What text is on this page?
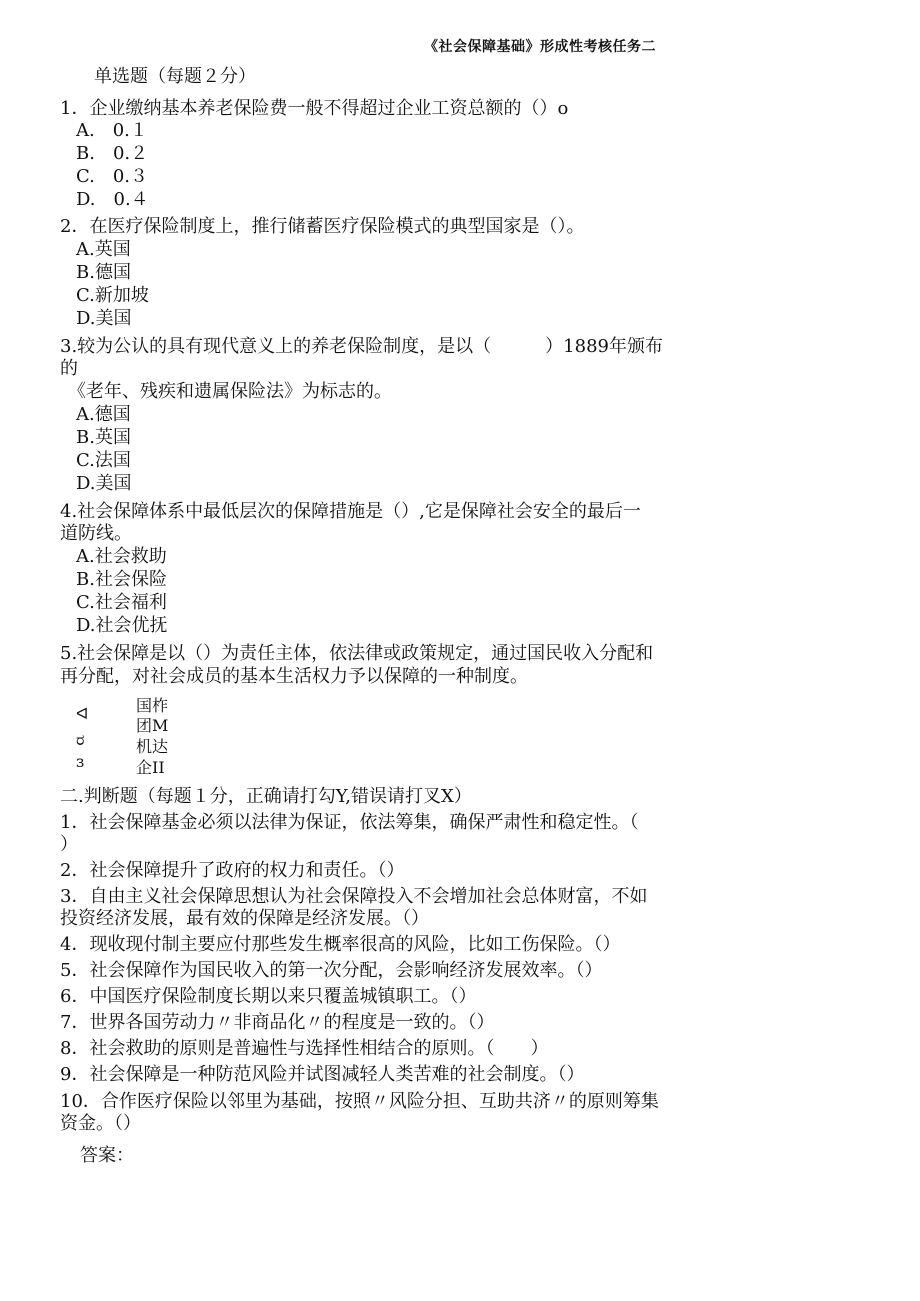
《社会保障基础》形成性考核任务二
单选题（每题２分）
1．企业缴纳基本养老保险费一般不得超过企业工资总额的（）o
A.　0.１
B.　0.２
C.　0.３
D.　0.４
2．在医疗保险制度上，推行储蓄医疗保险模式的典型国家是（）。
A.英国
B.德国
C.新加坡
D.美国
3.较为公认的具有现代意义上的养老保险制度，是以（　　　）1889年颁布
的
《老年、残疾和遗属保险法》为标志的。
A.德国
B.英国
C.法国
D.美国
4.社会保障体系中最低层次的保障措施是（）,它是保障社会安全的最后一
道防线。
A.社会救助
B.社会保险
C.社会福利
D.社会优抚
5.社会保障是以（）为责任主体，依法律或政策规定，通过国民收入分配和
再分配，对社会成员的基本生活权力予以保障的一种制度。
ᐊ
ರ
ɜ
国柞
团M
机达
企II
二.判断题（每题１分，正确请打勾Y,错误请打叉X）
1．社会保障基金必须以法律为保证，依法筹集，确保严肃性和稳定性。（
）
2．社会保障提升了政府的权力和责任。（）
3．自由主义社会保障思想认为社会保障投入不会增加社会总体财富，不如
投资经济发展，最有效的保障是经济发展。（）
4．现收现付制主要应付那些发生概率很高的风险，比如工伤保险。（）
5．社会保障作为国民收入的第一次分配，会影响经济发展效率。（）
6．中国医疗保险制度长期以来只覆盖城镇职工。（）
7．世界各国劳动力〃非商品化〃的程度是一致的。（）
8．社会救助的原则是普遍性与选择性相结合的原则。（　　）
9．社会保障是一种防范风险并试图减轻人类苦难的社会制度。（）
10．合作医疗保险以邻里为基础，按照〃风险分担、互助共济〃的原则筹集
资金。（）
答案：
